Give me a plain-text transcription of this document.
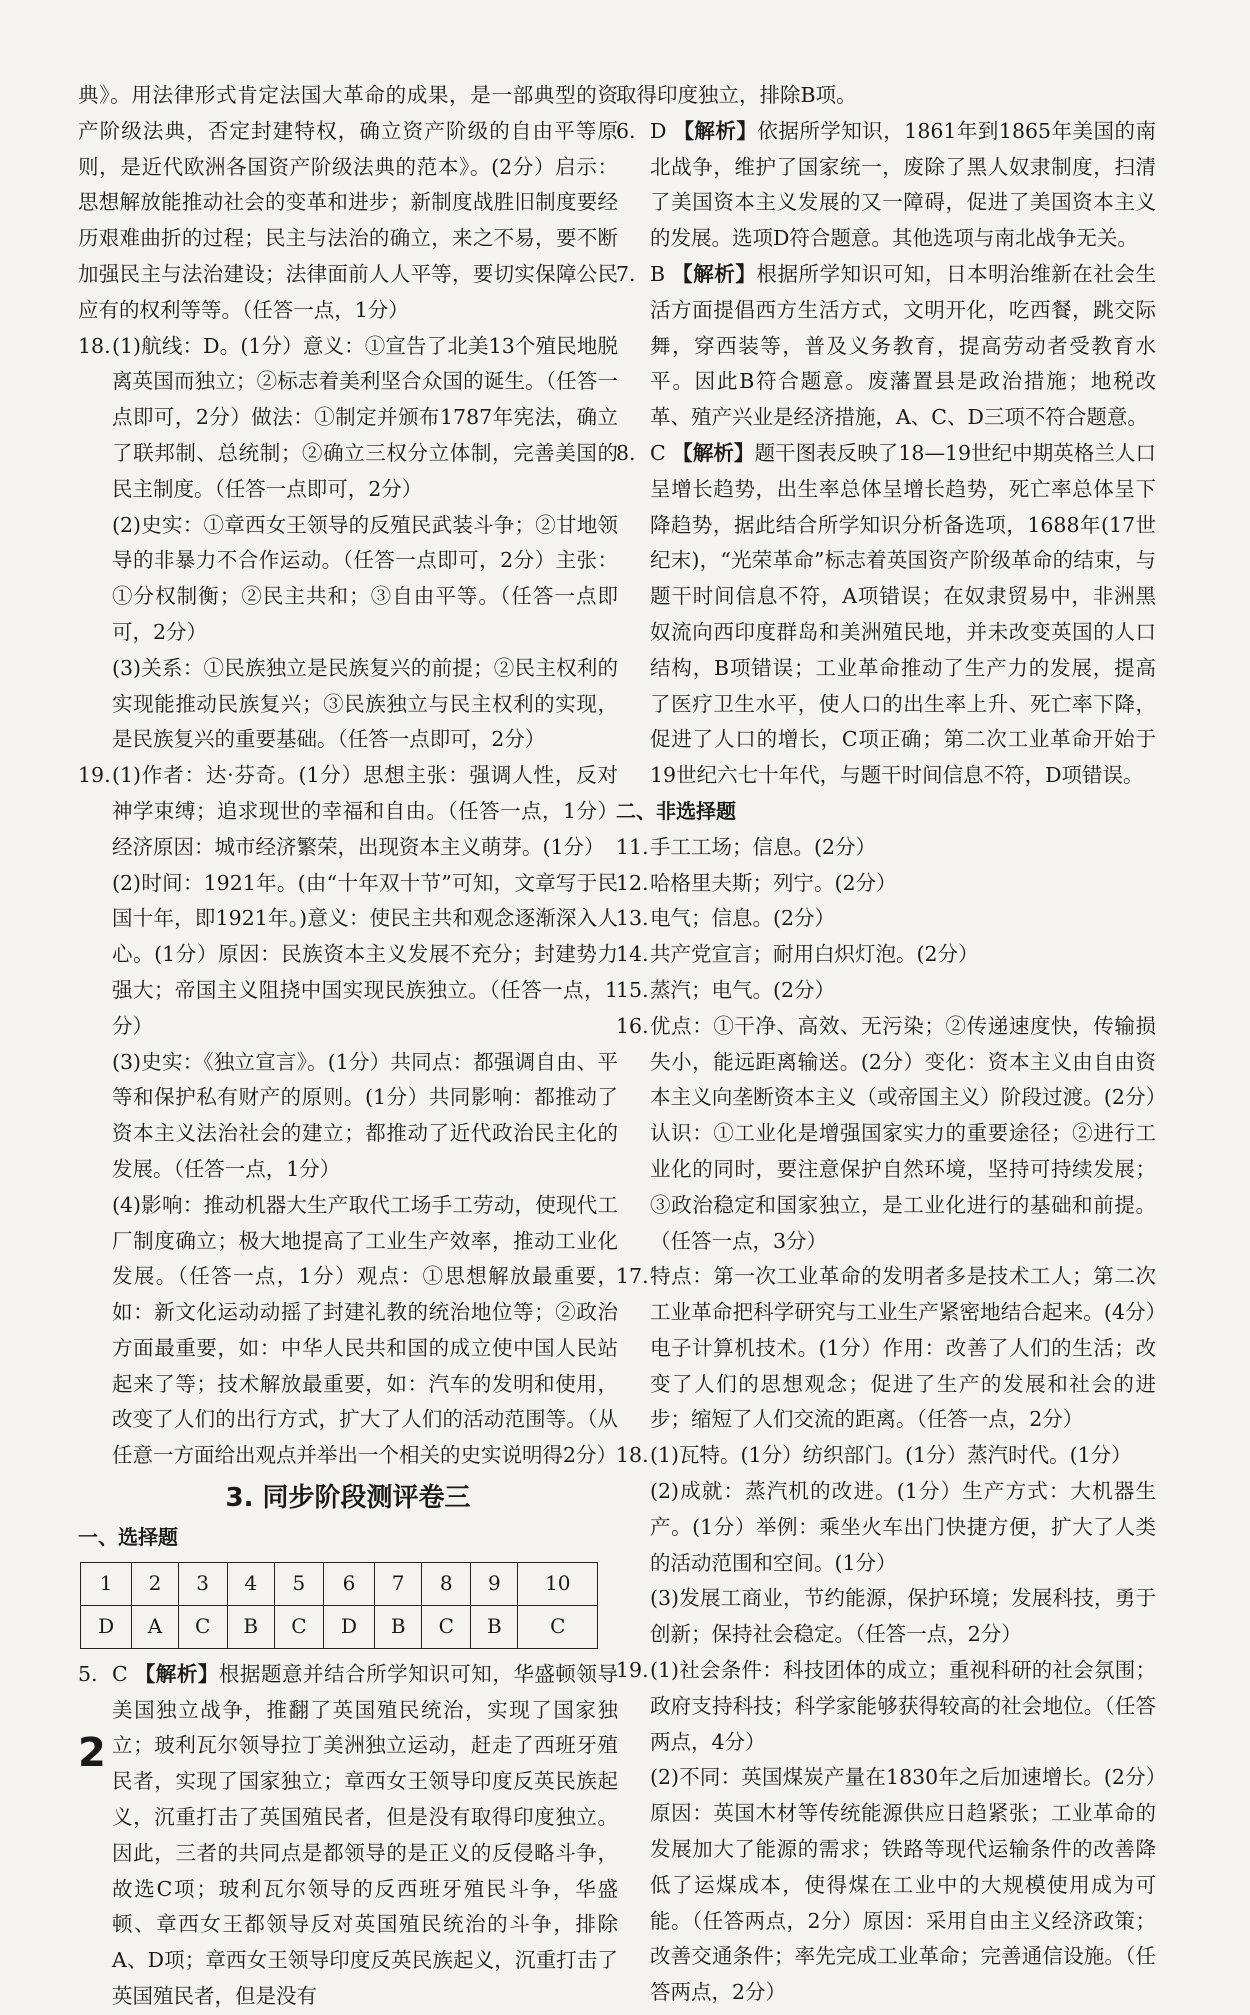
典》。用法律形式肯定法国大革命的成果，是一部典型的资产阶级法典，否定封建特权，确立资产阶级的自由平等原则，是近代欧洲各国资产阶级法典的范本》。(2分）启示：思想解放能推动社会的变革和进步；新制度战胜旧制度要经历艰难曲折的过程；民主与法治的确立，来之不易，要不断加强民主与法治建设；法律面前人人平等，要切实保障公民应有的权利等等。（任答一点，1分）

18. (1)航线：D。(1分）意义：①宣告了北美13个殖民地脱离英国而独立；②标志着美利坚合众国的诞生。（任答一点即可，2分）做法：①制定并颁布1787年宪法，确立了联邦制、总统制；②确立三权分立体制，完善美国的民主制度。（任答一点即可，2分）

(2)史实：①章西女王领导的反殖民武装斗争；②甘地领导的非暴力不合作运动。（任答一点即可，2分）主张：①分权制衡；②民主共和；③自由平等。（任答一点即可，2分）

(3)关系：①民族独立是民族复兴的前提；②民主权利的实现能推动民族复兴；③民族独立与民主权利的实现，是民族复兴的重要基础。（任答一点即可，2分）

19. (1)作者：达·芬奇。(1分）思想主张：强调人性，反对神学束缚；追求现世的幸福和自由。（任答一点，1分）经济原因：城市经济繁荣，出现资本主义萌芽。(1分）

(2)时间：1921年。(由“十年双十节”可知，文章写于民国十年，即1921年。)意义：使民主共和观念逐渐深入人心。(1分）原因：民族资本主义发展不充分；封建势力强大；帝国主义阻挠中国实现民族独立。（任答一点，1分）

(3)史实：《独立宣言》。(1分）共同点：都强调自由、平等和保护私有财产的原则。(1分）共同影响：都推动了资本主义法治社会的建立；都推动了近代政治民主化的发展。（任答一点，1分）

(4)影响：推动机器大生产取代工场手工劳动，使现代工厂制度确立；极大地提高了工业生产效率，推动工业化发展。（任答一点，1分）观点：①思想解放最重要，如：新文化运动动摇了封建礼教的统治地位等；②政治方面最重要，如：中华人民共和国的成立使中国人民站起来了等；技术解放最重要，如：汽车的发明和使用，改变了人们的出行方式，扩大了人们的活动范围等。（从任意一方面给出观点并举出一个相关的史实说明得2分）

3. 同步阶段测评卷三
一、选择题
1	2	3	4	5	6	7	8	9	10
D	A	C	B	C	D	B	C	B	C
5. C 【解析】根据题意并结合所学知识可知，华盛顿领导美国独立战争，推翻了英国殖民统治，实现了国家独立；玻利瓦尔领导拉丁美洲独立运动，赶走了西班牙殖民者，实现了国家独立；章西女王领导印度反英民族起义，沉重打击了英国殖民者，但是没有取得印度独立。因此，三者的共同点是都领导的是正义的反侵略斗争，故选C项；玻利瓦尔领导的反西班牙殖民斗争，华盛顿、章西女王都领导反对英国殖民统治的斗争，排除A、D项；章西女王领导印度反英民族起义，沉重打击了英国殖民者，但是没有

取得印度独立，排除B项。

6. D 【解析】依据所学知识，1861年到1865年美国的南北战争，维护了国家统一，废除了黑人奴隶制度，扫清了美国资本主义发展的又一障碍，促进了美国资本主义的发展。选项D符合题意。其他选项与南北战争无关。
7. B 【解析】根据所学知识可知，日本明治维新在社会生活方面提倡西方生活方式，文明开化，吃西餐，跳交际舞，穿西装等，普及义务教育，提高劳动者受教育水平。因此B符合题意。废藩置县是政治措施；地税改革、殖产兴业是经济措施，A、C、D三项不符合题意。
8. C 【解析】题干图表反映了18—19世纪中期英格兰人口呈增长趋势，出生率总体呈增长趋势，死亡率总体呈下降趋势，据此结合所学知识分析备选项，1688年(17世纪末)，“光荣革命”标志着英国资产阶级革命的结束，与题干时间信息不符，A项错误；在奴隶贸易中，非洲黑奴流向西印度群岛和美洲殖民地，并未改变英国的人口结构，B项错误；工业革命推动了生产力的发展，提高了医疗卫生水平，使人口的出生率上升、死亡率下降，促进了人口的增长，C项正确；第二次工业革命开始于19世纪六七十年代，与题干时间信息不符，D项错误。
二、非选择题
11. 手工工场；信息。(2分）
12. 哈格里夫斯；列宁。(2分）
13. 电气；信息。(2分）
14. 共产党宣言；耐用白炽灯泡。(2分）
15. 蒸汽；电气。(2分）
16. 优点：①干净、高效、无污染；②传递速度快，传输损失小，能远距离输送。(2分）变化：资本主义由自由资本主义向垄断资本主义（或帝国主义）阶段过渡。(2分）认识：①工业化是增强国家实力的重要途径；②进行工业化的同时，要注意保护自然环境，坚持可持续发展；③政治稳定和国家独立，是工业化进行的基础和前提。（任答一点，3分）
17. 特点：第一次工业革命的发明者多是技术工人；第二次工业革命把科学研究与工业生产紧密地结合起来。(4分）电子计算机技术。(1分）作用：改善了人们的生活；改变了人们的思想观念；促进了生产的发展和社会的进步；缩短了人们交流的距离。（任答一点，2分）
18. (1)瓦特。(1分）纺织部门。(1分）蒸汽时代。(1分）

(2)成就：蒸汽机的改进。(1分）生产方式：大机器生产。(1分）举例：乘坐火车出门快捷方便，扩大了人类的活动范围和空间。(1分）

(3)发展工商业，节约能源，保护环境；发展科技，勇于创新；保持社会稳定。（任答一点，2分）

19. (1)社会条件：科技团体的成立；重视科研的社会氛围；政府支持科技；科学家能够获得较高的社会地位。（任答两点，4分）

(2)不同：英国煤炭产量在1830年之后加速增长。(2分）原因：英国木材等传统能源供应日趋紧张；工业革命的发展加大了能源的需求；铁路等现代运输条件的改善降低了运煤成本，使得煤在工业中的大规模使用成为可能。（任答两点，2分）原因：采用自由主义经济政策；改善交通条件；率先完成工业革命；完善通信设施。（任答两点，2分）

2
